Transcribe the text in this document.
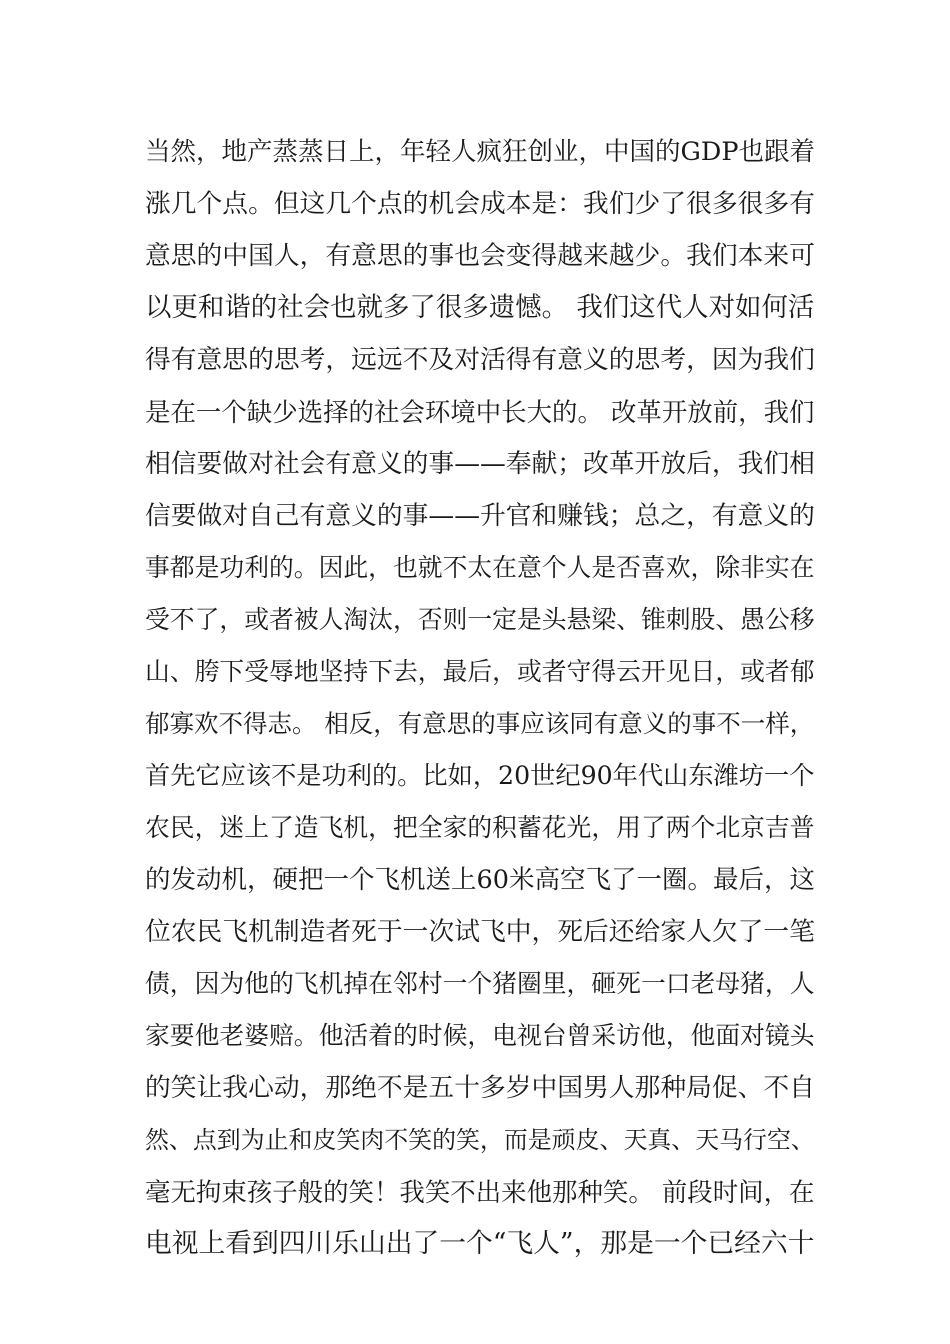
当然，地产蒸蒸日上，年轻人疯狂创业，中国的GDP也跟着
涨几个点。但这几个点的机会成本是：我们少了很多很多有
意思的中国人，有意思的事也会变得越来越少。我们本来可
以更和谐的社会也就多了很多遗憾。 我们这代人对如何活
得有意思的思考，远远不及对活得有意义的思考，因为我们
是在一个缺少选择的社会环境中长大的。 改革开放前，我们
相信要做对社会有意义的事——奉献；改革开放后，我们相
信要做对自己有意义的事——升官和赚钱；总之，有意义的
事都是功利的。因此，也就不太在意个人是否喜欢，除非实在
受不了，或者被人淘汰，否则一定是头悬梁、锥刺股、愚公移
山、胯下受辱地坚持下去，最后，或者守得云开见日，或者郁
郁寡欢不得志。 相反，有意思的事应该同有意义的事不一样，
首先它应该不是功利的。比如，20世纪90年代山东潍坊一个
农民，迷上了造飞机，把全家的积蓄花光，用了两个北京吉普
的发动机，硬把一个飞机送上60米高空飞了一圈。最后，这
位农民飞机制造者死于一次试飞中，死后还给家人欠了一笔
债，因为他的飞机掉在邻村一个猪圈里，砸死一口老母猪，人
家要他老婆赔。他活着的时候，电视台曾采访他，他面对镜头
的笑让我心动，那绝不是五十多岁中国男人那种局促、不自
然、点到为止和皮笑肉不笑的笑，而是顽皮、天真、天马行空、
毫无拘束孩子般的笑！我笑不出来他那种笑。 前段时间，在
电视上看到四川乐山出了一个“飞人”，那是一个已经六十
